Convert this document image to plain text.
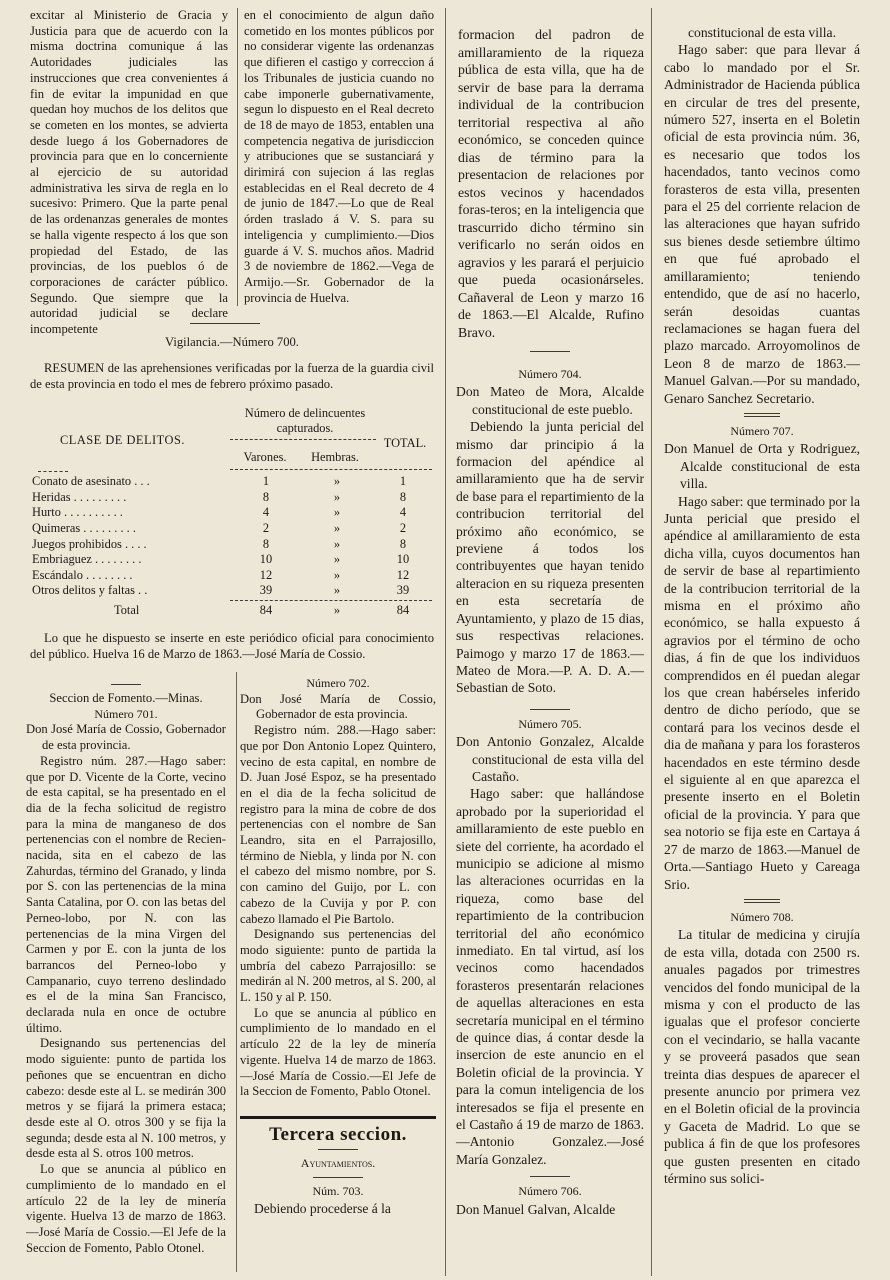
excitar al Ministerio de Gracia y Justicia para que de acuerdo con la misma doctrina comunique á las Autoridades judiciales las instrucciones que crea convenientes á fin de evitar la impunidad en que quedan hoy muchos de los delitos que se cometen en los montes, se advierta desde luego á los Gobernadores de provincia para que en lo concerniente al ejercicio de su autoridad administrativa les sirva de regla en lo sucesivo: Primero. Que la parte penal de las ordenanzas generales de montes se halla vigente respecto á los que son propiedad del Estado, de las provincias, de los pueblos ó de corporaciones de carácter público. Segundo. Que siempre que la autoridad judicial se declare incompetente

en el conocimiento de algun daño cometido en los montes públicos por no considerar vigente las ordenanzas que difieren el castigo y correccion á los Tribunales de justicia cuando no cabe imponerle gubernativamente, segun lo dispuesto en el Real decreto de 18 de mayo de 1853, entablen una competencia negativa de jurisdiccion y atribuciones que se sustanciará y dirimirá con sujecion á las reglas establecidas en el Real decreto de 4 de junio de 1847.—Lo que de Real órden traslado á V. S. para su inteligencia y cumplimiento.—Dios guarde á V. S. muchos años. Madrid 3 de noviembre de 1862.—Vega de Armijo.—Sr. Gobernador de la provincia de Huelva.

Vigilancia.—Número 700.

RESUMEN de las aprehensiones verificadas por la fuerza de la guardia civil de esta provincia en todo el mes de febrero próximo pasado.

Número de delincuentes capturados.
CLASE DE DELITOS.	TOTAL.
Varones.	Hembras.
Conato de asesinato . . .	1	»	1
Heridas . . . . . . . . .	8	»	8
Hurto . . . . . . . . . .	4	»	4
Quimeras . . . . . . . . .	2	»	2
Juegos prohibidos . . . .	8	»	8
Embriaguez . . . . . . . .	10	»	10
Escándalo . . . . . . . .	12	»	12
Otros delitos y faltas . .	39	»	39
Total	84	»	84

Lo que he dispuesto se inserte en este periódico oficial para conocimiento del público. Huelva 16 de Marzo de 1863.—José María de Cossio.

Seccion de Fomento.—Minas.

Número 701.

Don José María de Cossio, Gobernador de esta provincia.

Registro núm. 287.—Hago saber: que por D. Vicente de la Corte, vecino de esta capital, se ha presentado en el dia de la fecha solicitud de registro para la mina de manganeso de dos pertenencias con el nombre de Recien-nacida, sita en el cabezo de las Zahurdas, término del Granado, y linda por S. con las pertenencias de la mina Santa Catalina, por O. con las betas del Perneo-lobo, por N. con las pertenencias de la mina Virgen del Carmen y por E. con la junta de los barrancos del Perneo-lobo y Campanario, cuyo terreno deslindado es el de la mina San Francisco, declarada nula en once de octubre último.

Designando sus pertenencias del modo siguiente: punto de partida los peñones que se encuentran en dicho cabezo: desde este al L. se medirán 300 metros y se fijará la primera estaca; desde este al O. otros 300 y se fija la segunda; desde esta al N. 100 metros, y desde esta al S. otros 100 metros.

Lo que se anuncia al público en cumplimiento de lo mandado en el artículo 22 de la ley de minería vigente. Huelva 13 de marzo de 1863.—José María de Cossio.—El Jefe de la Seccion de Fomento, Pablo Otonel.

Número 702.

Don José María de Cossio, Gobernador de esta provincia.

Registro núm. 288.—Hago saber: que por Don Antonio Lopez Quintero, vecino de esta capital, en nombre de D. Juan José Espoz, se ha presentado en el dia de la fecha solicitud de registro para la mina de cobre de dos pertenencias con el nombre de San Leandro, sita en el Parrajosillo, término de Niebla, y linda por N. con el cabezo del mismo nombre, por S. con camino del Guijo, por L. con cabezo de la Cuvija y por P. con cabezo llamado el Pie Bartolo.

Designando sus pertenencias del modo siguiente: punto de partida la umbría del cabezo Parrajosillo: se medirán al N. 200 metros, al S. 200, al L. 150 y al P. 150.

Lo que se anuncia al público en cumplimiento de lo mandado en el artículo 22 de la ley de minería vigente. Huelva 14 de marzo de 1863.—José María de Cossio.—El Jefe de la Seccion de Fomento, Pablo Otonel.

Tercera seccion.

Ayuntamientos.

Núm. 703.

Debiendo procederse á la

formacion del padron de amillaramiento de la riqueza pública de esta villa, que ha de servir de base para la derrama individual de la contribucion territorial respectiva al año económico, se conceden quince dias de término para la presentacion de relaciones por estos vecinos y hacendados foras-teros; en la inteligencia que trascurrido dicho término sin verificarlo no serán oidos en agravios y les parará el perjuicio que pueda ocasionárseles. Cañaveral de Leon y marzo 16 de 1863.—El Alcalde, Rufino Bravo.

Número 704.

Don Mateo de Mora, Alcalde constitucional de este pueblo.

Debiendo la junta pericial del mismo dar principio á la formacion del apéndice al amillaramiento que ha de servir de base para el repartimiento de la contribucion territorial del próximo año económico, se previene á todos los contribuyentes que hayan tenido alteracion en su riqueza presenten en esta secretaría de Ayuntamiento, y plazo de 15 dias, sus respectivas relaciones. Paimogo y marzo 17 de 1863.—Mateo de Mora.—P. A. D. A.—Sebastian de Soto.

Número 705.

Don Antonio Gonzalez, Alcalde constitucional de esta villa del Castaño.

Hago saber: que hallándose aprobado por la superioridad el amillaramiento de este pueblo en siete del corriente, ha acordado el municipio se adicione al mismo las alteraciones ocurridas en la riqueza, como base del repartimiento de la contribucion territorial del año económico inmediato. En tal virtud, así los vecinos como hacendados forasteros presentarán relaciones de aquellas alteraciones en esta secretaría municipal en el término de quince dias, á contar desde la insercion de este anuncio en el Boletin oficial de la provincia. Y para la comun inteligencia de los interesados se fija el presente en el Castaño á 19 de marzo de 1863.—Antonio Gonzalez.—José María Gonzalez.

Número 706.

Don Manuel Galvan, Alcalde

constitucional de esta villa.

Hago saber: que para llevar á cabo lo mandado por el Sr. Administrador de Hacienda pública en circular de tres del presente, número 527, inserta en el Boletin oficial de esta provincia núm. 36, es necesario que todos los hacendados, tanto vecinos como forasteros de esta villa, presenten para el 25 del corriente relacion de las alteraciones que hayan sufrido sus bienes desde setiembre último en que fué aprobado el amillaramiento; teniendo entendido, que de así no hacerlo, serán desoidas cuantas reclamaciones se hagan fuera del plazo marcado. Arroyomolinos de Leon 8 de marzo de 1863.—Manuel Galvan.—Por su mandado, Genaro Sanchez Secretario.

Número 707.

Don Manuel de Orta y Rodriguez, Alcalde constitucional de esta villa.

Hago saber: que terminado por la Junta pericial que presido el apéndice al amillaramiento de esta dicha villa, cuyos documentos han de servir de base al repartimiento de la contribucion territorial de la misma en el próximo año económico, se halla expuesto á agravios por el término de ocho dias, á fin de que los individuos comprendidos en él puedan alegar los que crean habérseles inferido dentro de dicho período, que se contará para los vecinos desde el dia de mañana y para los forasteros hacendados en este término desde el siguiente al en que aparezca el presente inserto en el Boletin oficial de la provincia. Y para que sea notorio se fija este en Cartaya á 27 de marzo de 1863.—Manuel de Orta.—Santiago Hueto y Careaga Srio.

Número 708.

La titular de medicina y cirujía de esta villa, dotada con 2500 rs. anuales pagados por trimestres vencidos del fondo municipal de la misma y con el producto de las igualas que el profesor concierte con el vecindario, se halla vacante y se proveerá pasados que sean treinta dias despues de aparecer el presente anuncio por primera vez en el Boletin oficial de la provincia y Gaceta de Madrid. Lo que se publica á fin de que los profesores que gusten presenten en citado término sus solici-
